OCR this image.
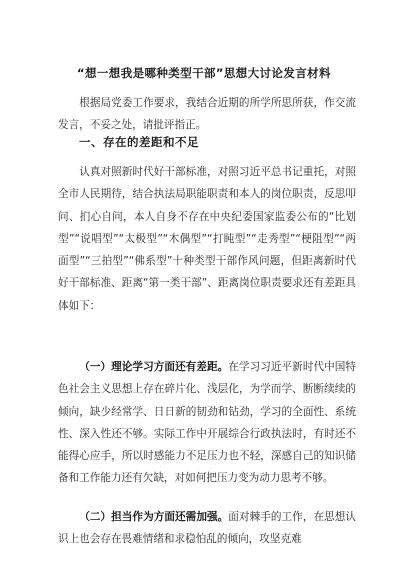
“想一想我是哪种类型干部”思想大讨论发言材料
根据局党委工作要求，我结合近期的所学所思所获，作交流发言，不妥之处，请批评指正。
一、存在的差距和不足
认真对照新时代好干部标准，对照习近平总书记重托，对照全市人民期待，结合执法局职能职责和本人的岗位职责，反思叩问、扪心自问，本人自身不存在中央纪委国家监委公布的“比划型”“说唱型”“太极型”“木偶型”“打盹型”“走秀型”“梗阻型”“两面型”“三拍型”“佛系型”十种类型干部作风问题，但距离新时代好干部标准、距离“第一类干部”、距离岗位职责要求还有差距具体如下：
（一）理论学习方面还有差距。在学习习近平新时代中国特色社会主义思想上存在碎片化、浅层化，为学而学、断断续续的倾向，缺少经常学、日日新的韧劲和钻劲，学习的全面性、系统性、深入性还不够。实际工作中开展综合行政执法时，有时还不能得心应手，所以时感能力不足压力也不轻，深感自己的知识储备和工作能力还有欠缺，对如何把压力变为动力思考不够。
（二）担当作为方面还需加强。面对棘手的工作，在思想认识上也会存在畏难情绪和求稳怕乱的倾向，攻坚克难
